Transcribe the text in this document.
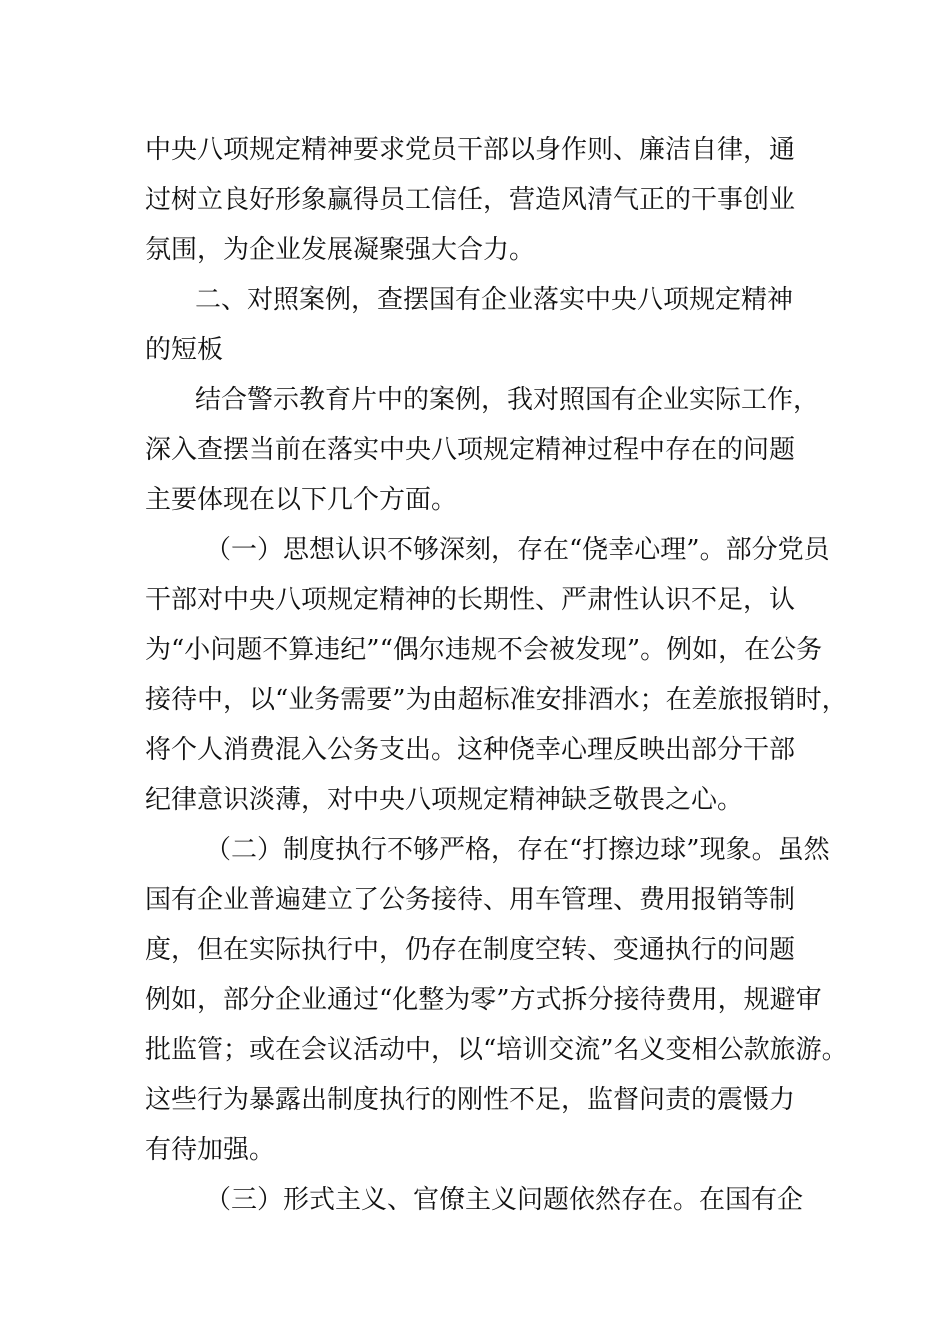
中央八项规定精神要求党员干部以身作则、廉洁自律，通
过树立良好形象赢得员工信任，营造风清气正的干事创业
氛围，为企业发展凝聚强大合力。
二、对照案例，查摆国有企业落实中央八项规定精神
的短板
结合警示教育片中的案例，我对照国有企业实际工作，
深入查摆当前在落实中央八项规定精神过程中存在的问题
主要体现在以下几个方面。
（一）思想认识不够深刻，存在“侥幸心理”。部分党员
干部对中央八项规定精神的长期性、严肃性认识不足，认
为“小问题不算违纪”“偶尔违规不会被发现”。例如，在公务
接待中，以“业务需要”为由超标准安排酒水；在差旅报销时，
将个人消费混入公务支出。这种侥幸心理反映出部分干部
纪律意识淡薄，对中央八项规定精神缺乏敬畏之心。
（二）制度执行不够严格，存在“打擦边球”现象。虽然
国有企业普遍建立了公务接待、用车管理、费用报销等制
度，但在实际执行中，仍存在制度空转、变通执行的问题
例如，部分企业通过“化整为零”方式拆分接待费用，规避审
批监管；或在会议活动中，以“培训交流”名义变相公款旅游。
这些行为暴露出制度执行的刚性不足，监督问责的震慑力
有待加强。
（三）形式主义、官僚主义问题依然存在。在国有企
